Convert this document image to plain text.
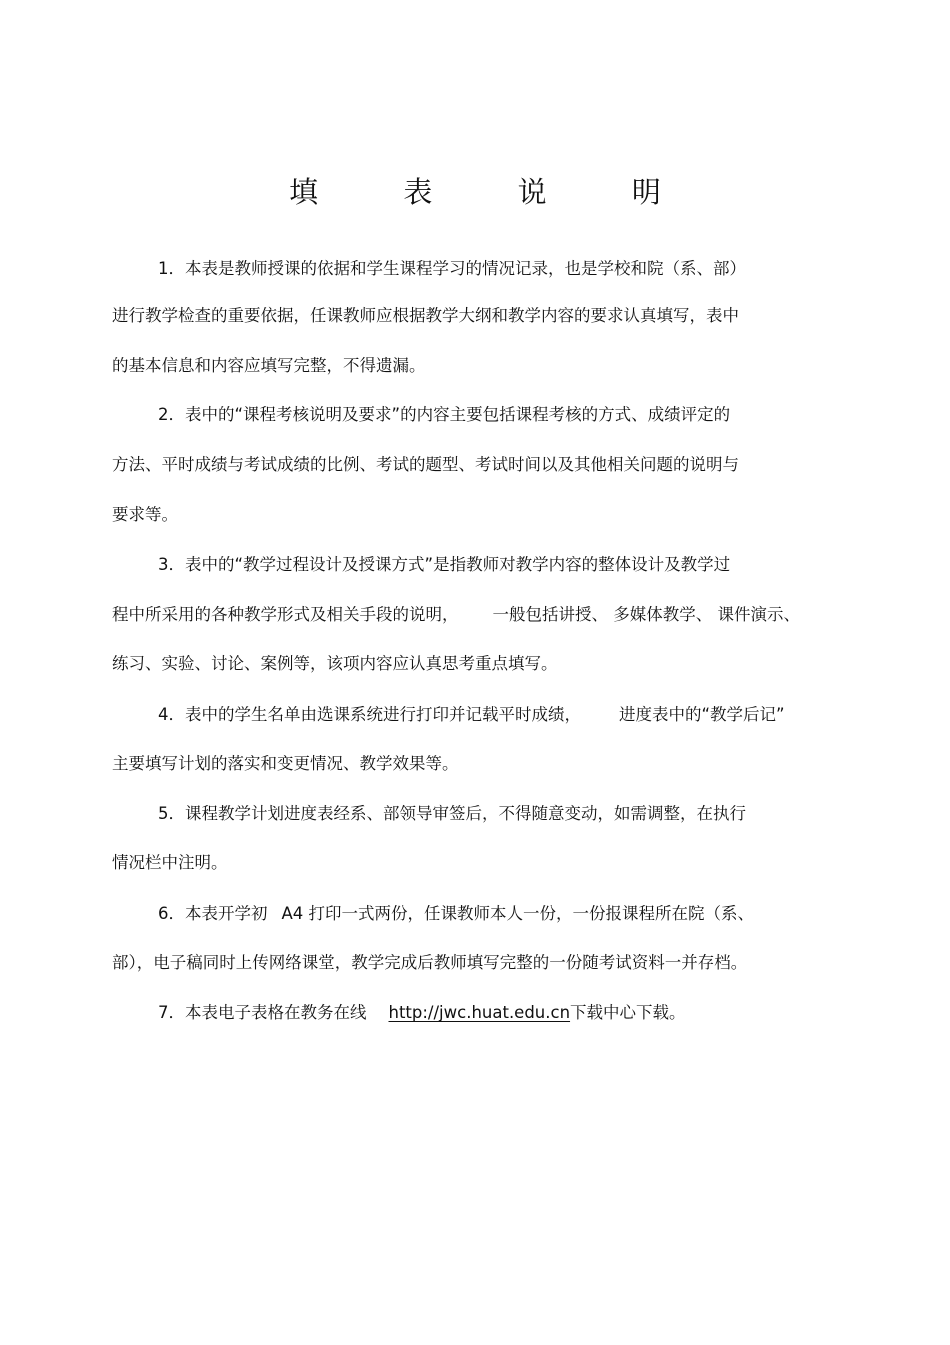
填 表 说 明
1．本表是教师授课的依据和学生课程学习的情况记录，也是学校和院（系、部）
进行教学检查的重要依据，任课教师应根据教学大纲和教学内容的要求认真填写，表中
的基本信息和内容应填写完整，不得遗漏。
2．表中的“课程考核说明及要求”的内容主要包括课程考核的方式、成绩评定的
方法、平时成绩与考试成绩的比例、考试的题型、考试时间以及其他相关问题的说明与
要求等。
3．表中的“教学过程设计及授课方式”是指教师对教学内容的整体设计及教学过
程中所采用的各种教学形式及相关手段的说明， 一般包括讲授、 多媒体教学、 课件演示、
练习、实验、讨论、案例等，该项内容应认真思考重点填写。
4．表中的学生名单由选课系统进行打印并记载平时成绩， 进度表中的“教学后记”
主要填写计划的落实和变更情况、教学效果等。
5．课程教学计划进度表经系、部领导审签后，不得随意变动，如需调整，在执行
情况栏中注明。
6．本表开学初 A4 打印一式两份，任课教师本人一份，一份报课程所在院（系、
部），电子稿同时上传网络课堂，教学完成后教师填写完整的一份随考试资料一并存档。
7．本表电子表格在教务在线 http://jwc.huat.edu.cn下载中心下载。
